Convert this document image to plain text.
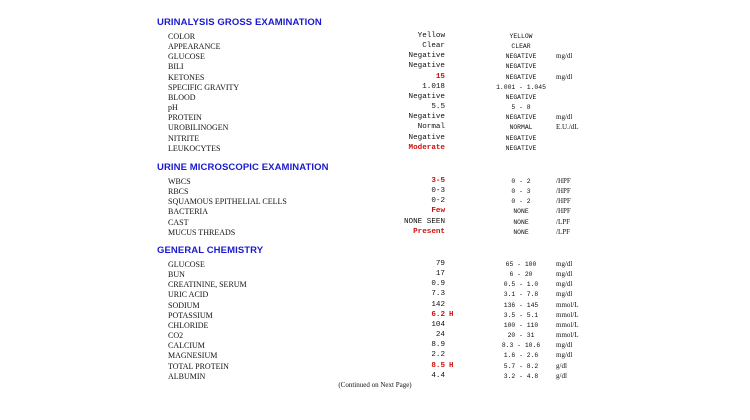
URINALYSIS GROSS EXAMINATION
COLOR	Yellow	YELLOW
APPEARANCE	Clear	CLEAR
GLUCOSE	Negative	NEGATIVE	mg/dl
BILI	Negative	NEGATIVE
KETONES	15	NEGATIVE	mg/dl
SPECIFIC GRAVITY	1.018	1.001 - 1.045
BLOOD	Negative	NEGATIVE
pH	5.5	5 - 8
PROTEIN	Negative	NEGATIVE	mg/dl
UROBILINOGEN	Normal	NORMAL	E.U./dL
NITRITE	Negative	NEGATIVE
LEUKOCYTES	Moderate	NEGATIVE
URINE MICROSCOPIC EXAMINATION
WBCS	3-5	0 - 2	/HPF
RBCS	0-3	0 - 3	/HPF
SQUAMOUS EPITHELIAL CELLS	0-2	0 - 2	/HPF
BACTERIA	Few	NONE	/HPF
CAST	NONE SEEN	NONE	/LPF
MUCUS THREADS	Present	NONE	/LPF
GENERAL CHEMISTRY
GLUCOSE	79	65 - 100	mg/dl
BUN	17	6 - 20	mg/dl
CREATININE, SERUM	0.9	0.5 - 1.0	mg/dl
URIC ACID	7.3	3.1 - 7.8	mg/dl
SODIUM	142	136 - 145	mmol/L
POTASSIUM	6.2 H	3.5 - 5.1	mmol/L
CHLORIDE	104	100 - 110	mmol/L
CO2	24	20 - 31	mmol/L
CALCIUM	8.9	8.3 - 10.6	mg/dl
MAGNESIUM	2.2	1.6 - 2.6	mg/dl
TOTAL PROTEIN	8.5 H	5.7 - 8.2	g/dl
ALBUMIN	4.4	3.2 - 4.8	g/dl
(Continued on Next Page)
